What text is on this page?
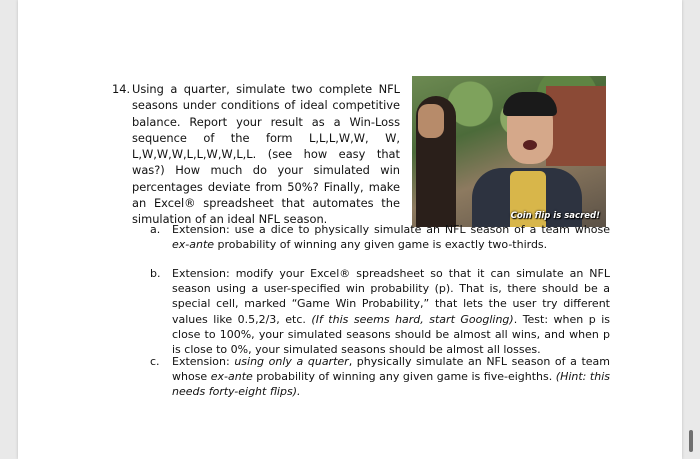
14. Using a quarter, simulate two complete NFL seasons under conditions of ideal competitive balance. Report your result as a Win-Loss sequence of the form L,L,L,W,W, W, L,W,W,W,L,L,W,W,L,L. (see how easy that was?) How much do your simulated win percentages deviate from 50%? Finally, make an Excel® spreadsheet that automates the simulation of an ideal NFL season.	Coin flip is sacred!
a. Extension: use a dice to physically simulate an NFL season of a team whose ex-ante probability of winning any given game is exactly two-thirds.
b. Extension: modify your Excel® spreadsheet so that it can simulate an NFL season using a user-specified win probability (p). That is, there should be a special cell, marked “Game Win Probability,” that lets the user try different values like 0.5,2/3, etc. (If this seems hard, start Googling). Test: when p is close to 100%, your simulated seasons should be almost all wins, and when p is close to 0%, your simulated seasons should be almost all losses.
c. Extension: using only a quarter, physically simulate an NFL season of a team whose ex-ante probability of winning any given game is five-eighths. (Hint: this needs forty-eight flips).
